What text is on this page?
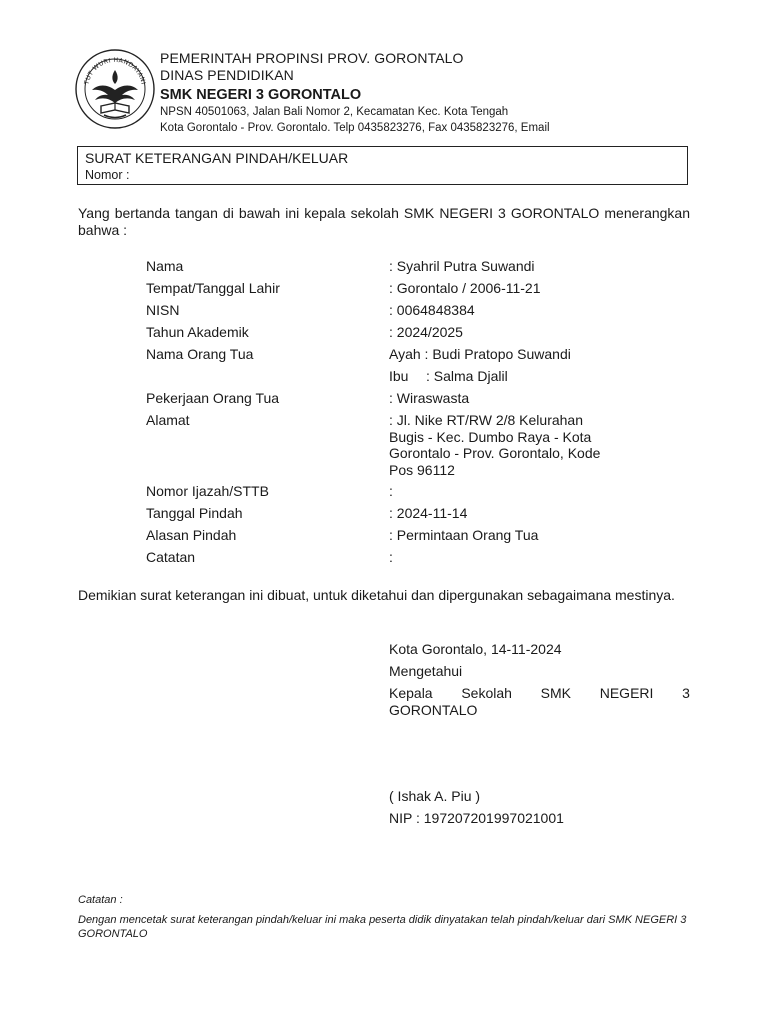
TUT WURI HANDAYANI
PEMERINTAH PROPINSI PROV. GORONTALO
DINAS PENDIDIKAN
SMK NEGERI 3 GORONTALO
NPSN 40501063, Jalan Bali Nomor 2, Kecamatan Kec. Kota Tengah
Kota Gorontalo - Prov. Gorontalo. Telp 0435823276, Fax 0435823276, Email
SURAT KETERANGAN PINDAH/KELUAR
Nomor :
Yang bertanda tangan di bawah ini kepala sekolah SMK NEGERI 3 GORONTALO menerangkan bahwa :
Nama	: Syahril Putra Suwandi
Tempat/Tanggal Lahir	: Gorontalo / 2006-11-21
NISN	: 0064848384
Tahun Akademik	: 2024/2025
Nama Orang Tua	Ayah : Budi Pratopo Suwandi
Ibu : Salma Djalil
Pekerjaan Orang Tua	: Wiraswasta
Alamat	: Jl. Nike RT/RW 2/8 Kelurahan Bugis - Kec. Dumbo Raya - Kota Gorontalo - Prov. Gorontalo, Kode Pos 96112
Nomor Ijazah/STTB	:
Tanggal Pindah	: 2024-11-14
Alasan Pindah	: Permintaan Orang Tua
Catatan	:
Demikian surat keterangan ini dibuat, untuk diketahui dan dipergunakan sebagaimana mestinya.
Kota Gorontalo, 14-11-2024
Mengetahui
Kepala Sekolah SMK NEGERI 3
GORONTALO
( Ishak A. Piu )
NIP : 197207201997021001
Catatan :
Dengan mencetak surat keterangan pindah/keluar ini maka peserta didik dinyatakan telah pindah/keluar dari SMK NEGERI 3 GORONTALO
